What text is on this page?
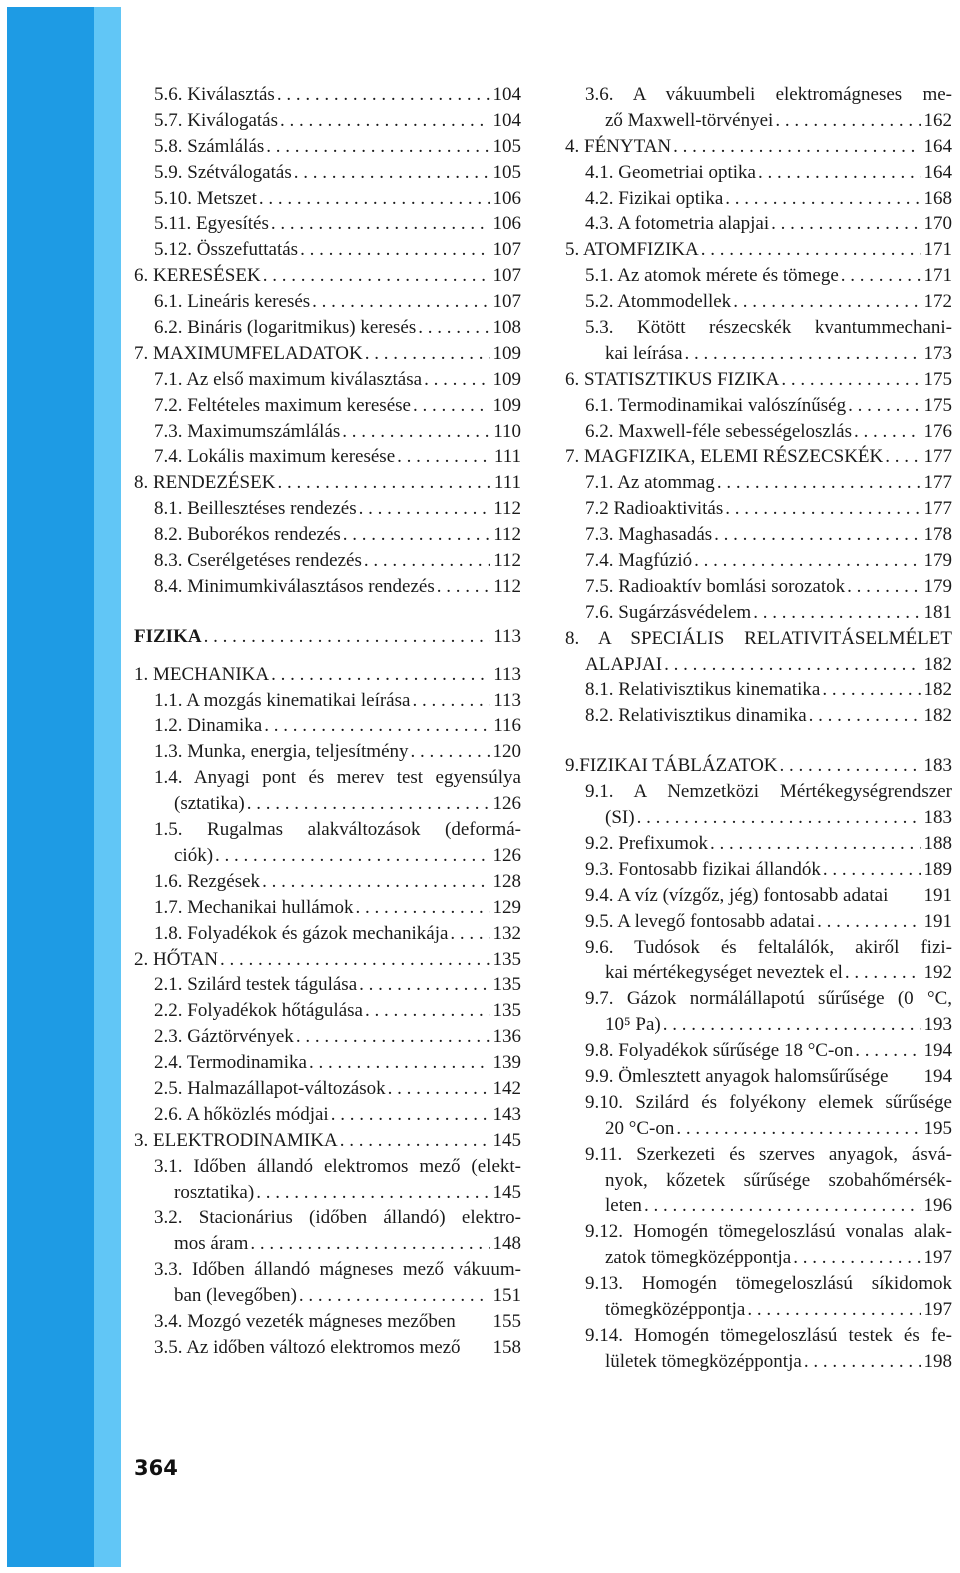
5.6. Kiválasztás . . .	104
5.7. Kiválogatás . . .	104
5.8. Számlálás . . .	105
5.9. Szétválogatás . . .	105
5.10. Metszet . . .	106
5.11. Egyesítés . . .	106
5.12. Összefuttatás . . .	107
6. KERESÉSEK . . .	107
6.1. Lineáris keresés . . .	107
6.2. Bináris (logaritmikus) keresés . . .	108
7. MAXIMUMFELADATOK . . .	109
7.1. Az első maximum kiválasztása . . .	109
7.2. Feltételes maximum keresése . . .	109
7.3. Maximumszámlálás . . .	110
7.4. Lokális maximum keresése . . .	111
8. RENDEZÉSEK . . .	111
8.1. Beillesztéses rendezés . . .	112
8.2. Buborékos rendezés . . .	112
8.3. Cserélgetéses rendezés . . .	112
8.4. Minimumkiválasztásos rendezés . . .	112
FIZIKA . . .	113
1. MECHANIKA . . .	113
1.1. A mozgás kinematikai leírása . . .	113
1.2. Dinamika . . .	116
1.3. Munka, energia, teljesítmény . . .	120
1.4. Anyagi pont és merev test egyensúlya
(sztatika) . . .	126
1.5. Rugalmas alakváltozások (deformá-
ciók) . . .	126
1.6. Rezgések . . .	128
1.7. Mechanikai hullámok . . .	129
1.8. Folyadékok és gázok mechanikája . . . 132
2. HŐTAN . . .	135
2.1. Szilárd testek tágulása . . .	135
2.2. Folyadékok hőtágulása . . .	135
2.3. Gáztörvények . . .	136
2.4. Termodinamika . . .	139
2.5. Halmazállapot-változások . . .	142
2.6. A hőközlés módjai . . .	143
3. ELEKTRODINAMIKA . . .	145
3.1. Időben állandó elektromos mező (elekt-
rosztatika) . . .	145
3.2. Stacionárius (időben állandó) elektro-
mos áram . . .	148
3.3. Időben állandó mágneses mező vákuum-
ban (levegőben) . . .	151
3.4. Mozgó vezeték mágneses mezőben 155
3.5. Az időben változó elektromos mező 158
3.6. A vákuumbeli elektromágneses me-
ző Maxwell-törvényei . . .	162
4. FÉNYTAN . . .	164
4.1. Geometriai optika . . .	164
4.2. Fizikai optika . . .	168
4.3. A fotometria alapjai . . .	170
5. ATOMFIZIKA . . .	171
5.1. Az atomok mérete és tömege . . .	171
5.2. Atommodellek . . .	172
5.3. Kötött részecskék kvantummechani-
kai leírása . . .	173
6. STATISZTIKUS FIZIKA . . .	175
6.1. Termodinamikai valószínűség . . .	175
6.2. Maxwell-féle sebességeloszlás . . .	176
7. MAGFIZIKA, ELEMI RÉSZECSKÉK . . . 177
7.1. Az atommag . . .	177
7.2 Radioaktivitás . . .	177
7.3. Maghasadás . . .	178
7.4. Magfúzió . . .	179
7.5. Radioaktív bomlási sorozatok . . .	179
7.6. Sugárzásvédelem . . .	181
8. A SPECIÁLIS RELATIVITÁSELMÉLET
ALAPJAI . . .	182
8.1. Relativisztikus kinematika . . .	182
8.2. Relativisztikus dinamika . . .	182
9.FIZIKAI TÁBLÁZATOK . . .	183
9.1. A Nemzetközi Mértékegységrendszer
(SI) . . .	183
9.2. Prefixumok . . .	188
9.3. Fontosabb fizikai állandók . . .	189
9.4. A víz (vízgőz, jég) fontosabb adatai 191
9.5. A levegő fontosabb adatai . . .	191
9.6. Tudósok és feltalálók, akiről fizi-
kai mértékegységet neveztek el . . .	192
9.7. Gázok normálállapotú sűrűsége (0 °C,
10⁵ Pa) . . .	193
9.8. Folyadékok sűrűsége 18 °C-on . . .	194
9.9. Ömlesztett anyagok halomsűrűsége 194
9.10. Szilárd és folyékony elemek sűrűsége
20 °C-on . . .	195
9.11. Szerkezeti és szerves anyagok, ásvá-
nyok, kőzetek sűrűsége szobahőmérsék-
leten . . .	196
9.12. Homogén tömegeloszlású vonalas alak-
zatok tömegközéppontja . . .	197
9.13. Homogén tömegeloszlású síkidomok
tömegközéppontja . . .	197
9.14. Homogén tömegeloszlású testek és fe-
lületek tömegközéppontja . . .	198
364
